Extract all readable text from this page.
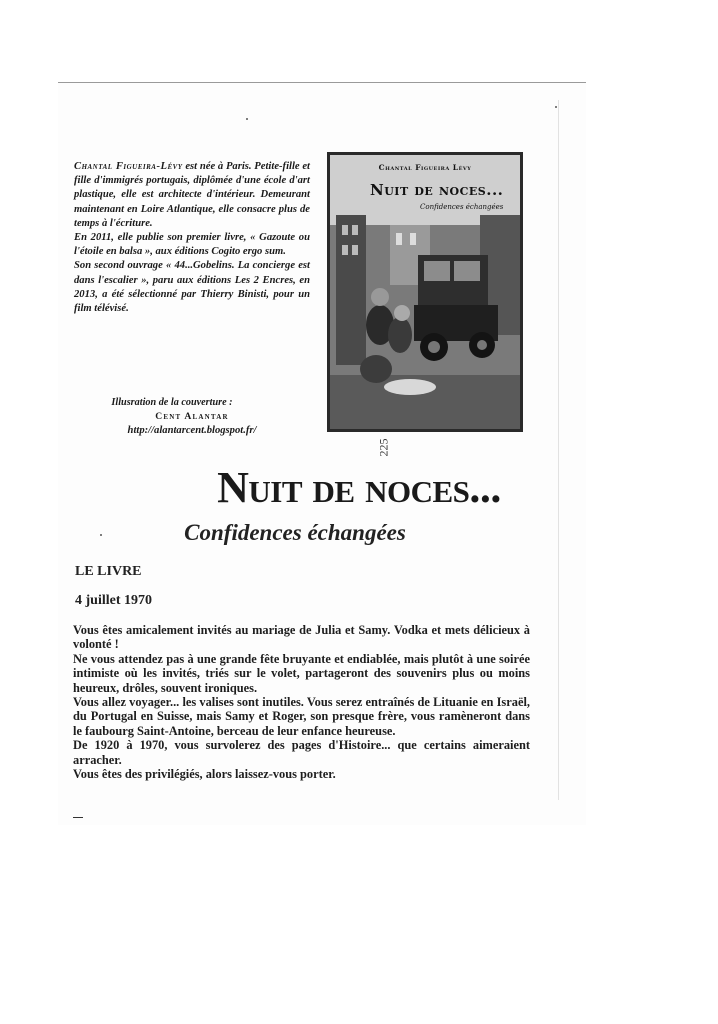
Chantal Figueira-Lévy est née à Paris. Petite-fille et fille d'immigrés portugais, diplômée d'une école d'art plastique, elle est architecte d'intérieur. Demeurant maintenant en Loire Atlantique, elle consacre plus de temps à l'écriture.

En 2011, elle publie son premier livre, « Gazoute ou l'étoile en balsa », aux éditions Cogito ergo sum.

Son second ouvrage « 44...Gobelins. La concierge est dans l'escalier », paru aux éditions Les 2 Encres, en 2013, a été sélectionné par Thierry Binisti, pour un film télévisé.

Illusration de la couverture :
Cent Alantar
http://alantarcent.blogspot.fr/
Chantal Figueira Lévy
Nuit de noces...
Confidences échangées
225
Nuit de noces...
Confidences échangées
LE LIVRE
4 juillet 1970

Vous êtes amicalement invités au mariage de Julia et Samy. Vodka et mets délicieux à volonté !

Ne vous attendez pas à une grande fête bruyante et endiablée, mais plutôt à une soirée intimiste où les invités, triés sur le volet, partageront des souvenirs plus ou moins heureux, drôles, souvent ironiques.

Vous allez voyager... les valises sont inutiles. Vous serez entraînés de Lituanie en Israël, du Portugal en Suisse, mais Samy et Roger, son presque frère, vous ramèneront dans le faubourg Saint-Antoine, berceau de leur enfance heureuse.

De 1920 à 1970, vous survolerez des pages d'Histoire... que certains aimeraient arracher.

Vous êtes des privilégiés, alors laissez-vous porter.
